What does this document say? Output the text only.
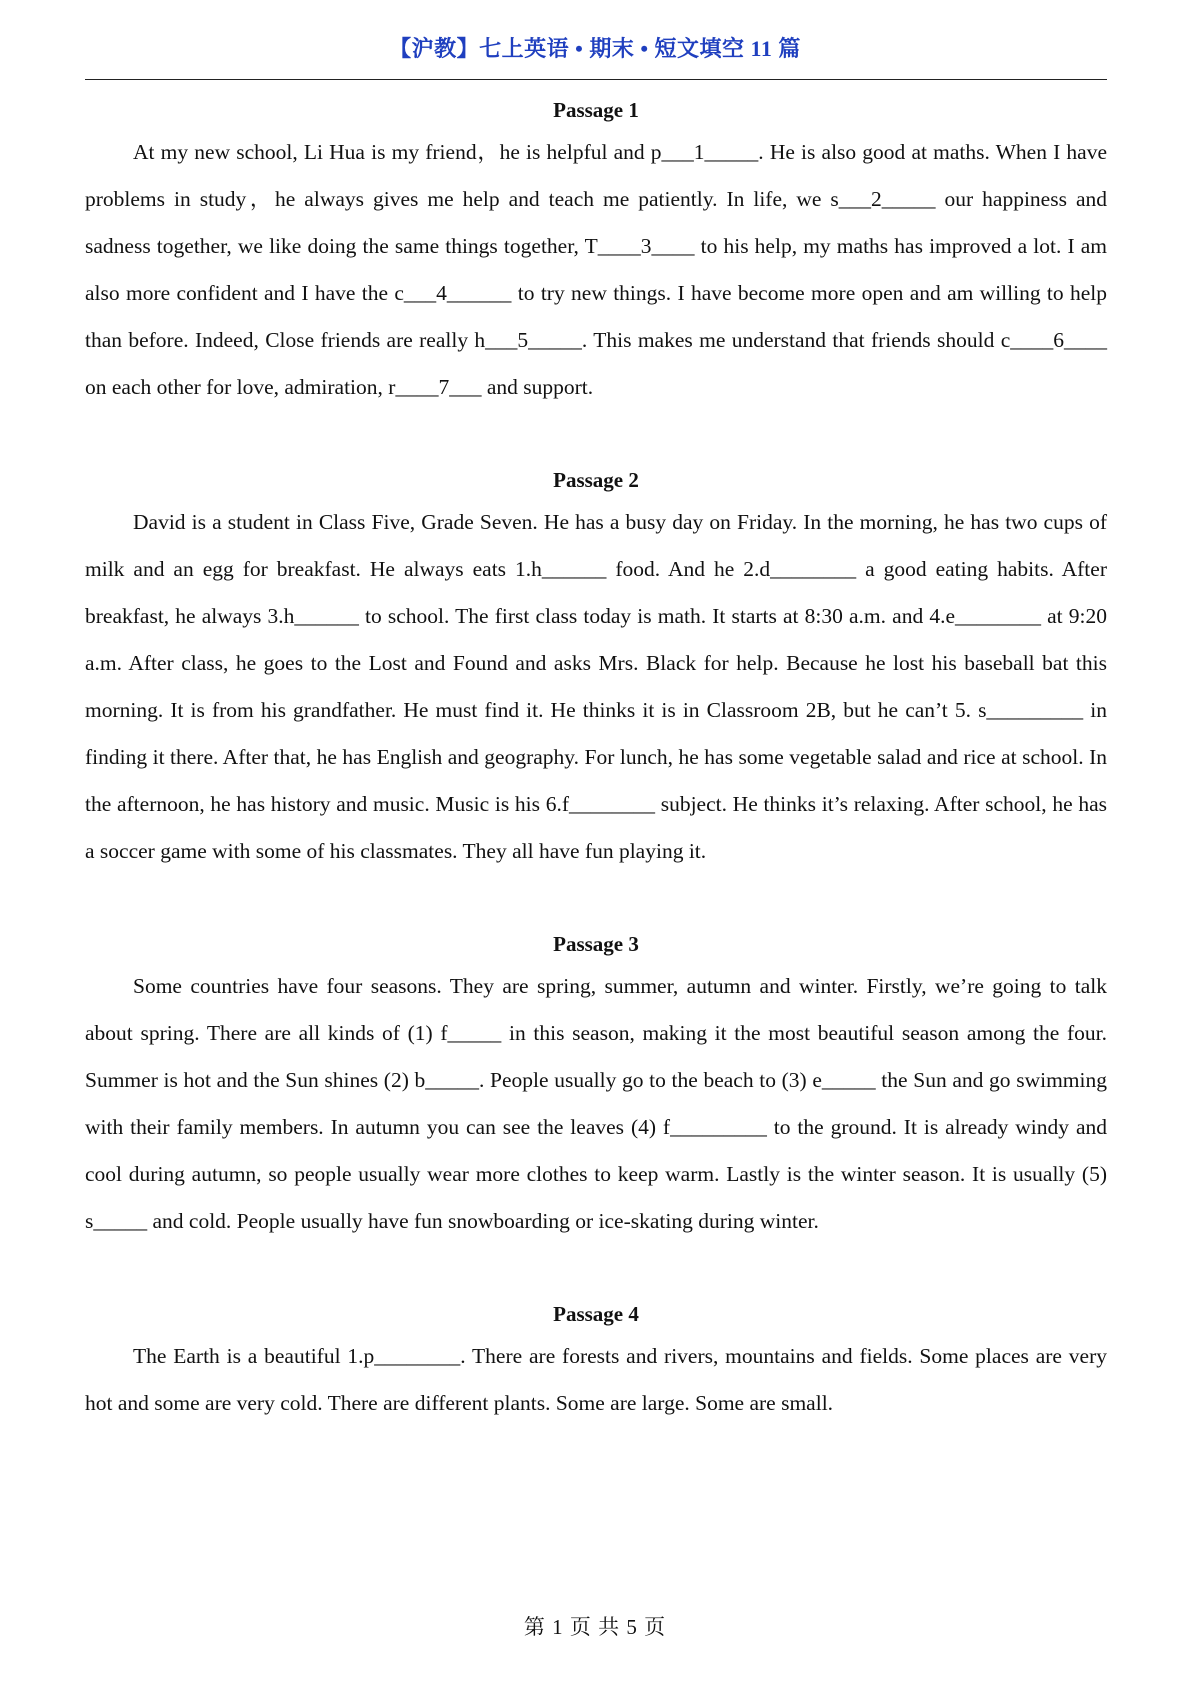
【沪教】七上英语 • 期末 • 短文填空 11 篇
Passage 1

At my new school, Li Hua is my friend，he is helpful and p___1_____. He is also good at maths. When I have problems in study，he always gives me help and teach me patiently. In life, we s___2_____ our happiness and sadness together, we like doing the same things together, T____3____ to his help, my maths has improved a lot. I am also more confident and I have the c___4______ to try new things. I have become more open and am willing to help than before. Indeed, Close friends are really h___5_____. This makes me understand that friends should c____6____ on each other for love, admiration, r____7___ and support.

Passage 2

David is a student in Class Five, Grade Seven. He has a busy day on Friday. In the morning, he has two cups of milk and an egg for breakfast. He always eats 1.h______ food. And he 2.d________ a good eating habits. After breakfast, he always 3.h______ to school. The first class today is math. It starts at 8:30 a.m. and 4.e________ at 9:20 a.m. After class, he goes to the Lost and Found and asks Mrs. Black for help. Because he lost his baseball bat this morning. It is from his grandfather. He must find it. He thinks it is in Classroom 2B, but he can’t 5. s_________ in finding it there. After that, he has English and geography. For lunch, he has some vegetable salad and rice at school. In the afternoon, he has history and music. Music is his 6.f________ subject. He thinks it’s relaxing. After school, he has a soccer game with some of his classmates. They all have fun playing it.

Passage 3

Some countries have four seasons. They are spring, summer, autumn and winter. Firstly, we’re going to talk about spring. There are all kinds of (1) f_____ in this season, making it the most beautiful season among the four. Summer is hot and the Sun shines (2) b_____. People usually go to the beach to (3) e_____ the Sun and go swimming with their family members. In autumn you can see the leaves (4) f_________ to the ground. It is already windy and cool during autumn, so people usually wear more clothes to keep warm. Lastly is the winter season. It is usually (5) s_____ and cold. People usually have fun snowboarding or ice-skating during winter.

Passage 4

The Earth is a beautiful 1.p________. There are forests and rivers, mountains and fields. Some places are very hot and some are very cold. There are different plants. Some are large. Some are small.

第 1 页 共 5 页
